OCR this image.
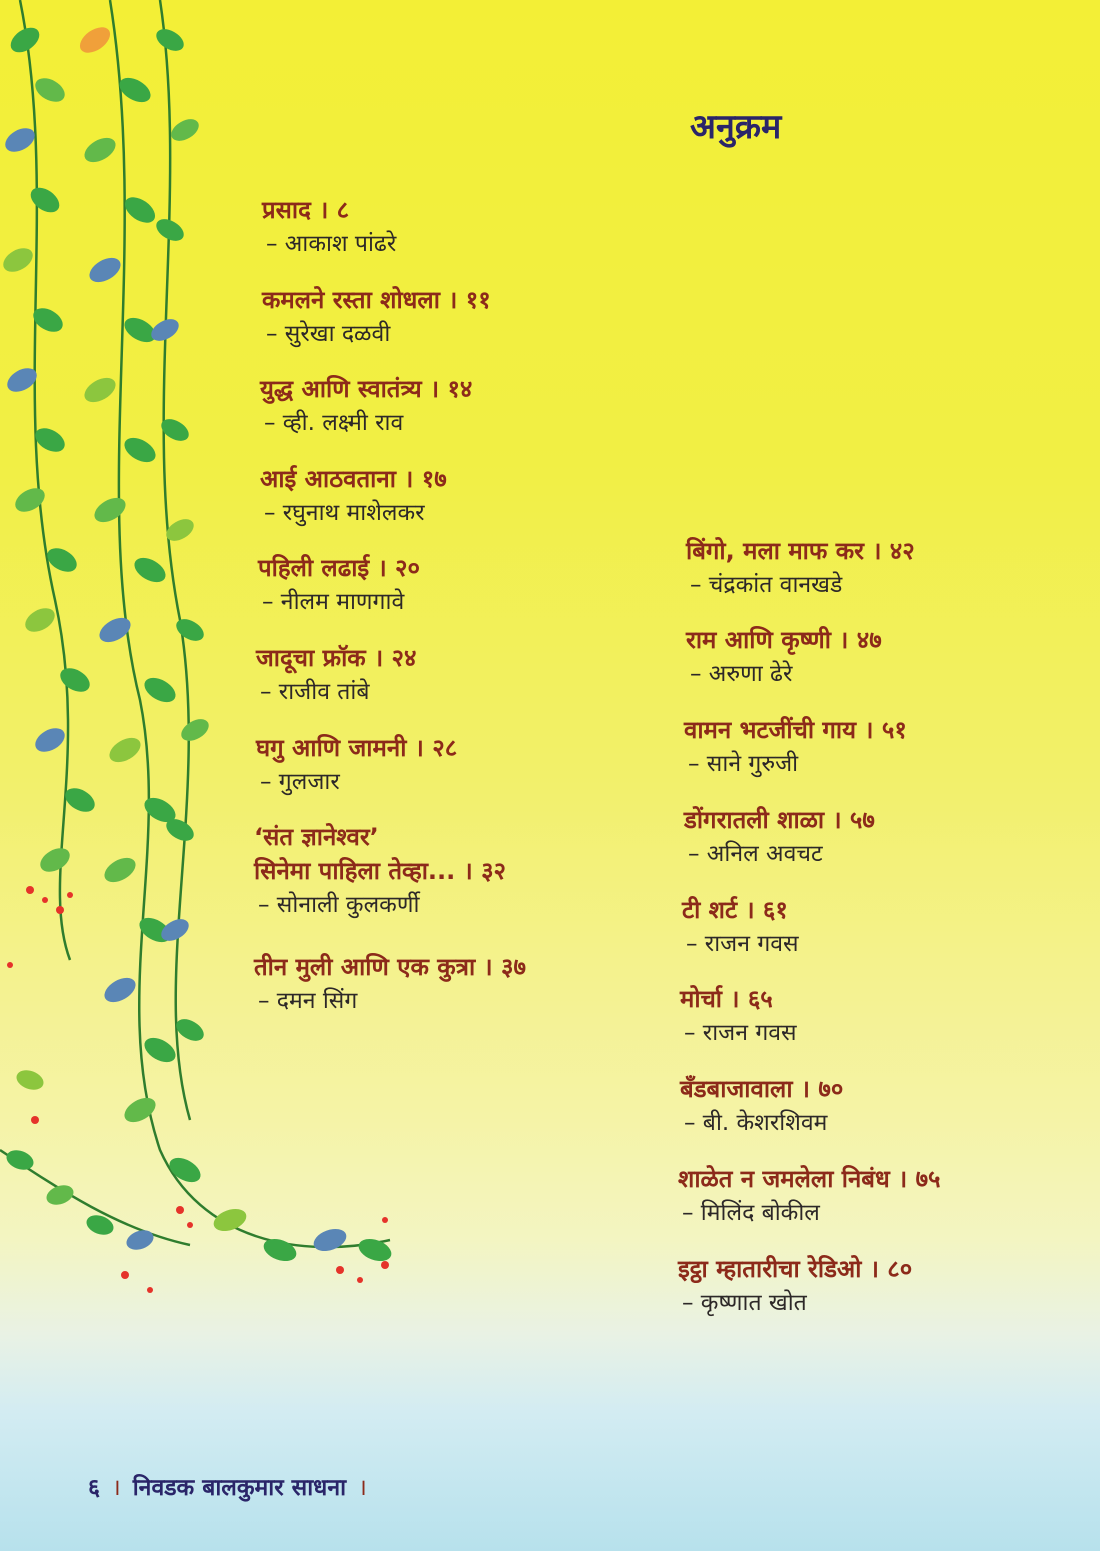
अनुक्रम
प्रसाद । ८
– आकाश पांढरे
कमलने रस्ता शोधला । ११
– सुरेखा दळवी
युद्ध आणि स्वातंत्र्य । १४
– व्ही. लक्ष्मी राव
आई आठवताना । १७
– रघुनाथ माशेलकर
पहिली लढाई । २०
– नीलम माणगावे
जादूचा फ्रॉक । २४
– राजीव तांबे
घगु आणि जामनी । २८
– गुलजार
‘संत ज्ञानेश्वर’
सिनेमा पाहिला तेव्हा... । ३२
– सोनाली कुलकर्णी
तीन मुली आणि एक कुत्रा । ३७
– दमन सिंग
बिंगो, मला माफ कर । ४२
– चंद्रकांत वानखडे
राम आणि कृष्णी । ४७
– अरुणा ढेरे
वामन भटजींची गाय । ५१
– साने गुरुजी
डोंगरातली शाळा । ५७
– अनिल अवचट
टी शर्ट । ६१
– राजन गवस
मोर्चा । ६५
– राजन गवस
बँडबाजावाला । ७०
– बी. केशरशिवम
शाळेत न जमलेला निबंध । ७५
– मिलिंद बोकील
इट्ठा म्हातारीचा रेडिओ । ८०
– कृष्णात खोत
६ । निवडक बालकुमार साधना ।
